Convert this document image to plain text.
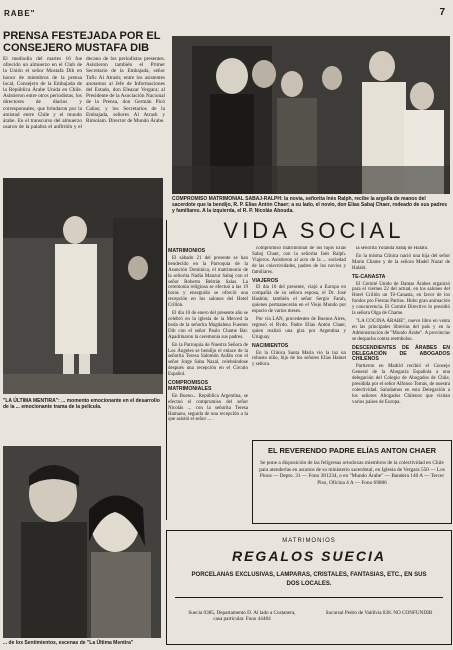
RABE"	7
PRENSA FESTEJADA POR EL CONSEJERO MUSTAFA DIB
El mediodía del martes 16 fue ofrecido un almuerzo en el Club de la Unión el señor Mustafa Dib en honor de miembros de la prensa local, Consejero de la Embajada de la República Árabe Unida en Chile. Asistieron entre otros periodistas, los directores de diarios y corresponsales, que brindaron por la amistad entre Chile y el mundo árabe. En el transcurso del almuerzo usaron de la palabra el anfitrión y el decano de los periodistas presentes. Asistieron también el Primer Secretario de la Embajada, señor Tafic Al Atrash; entre los asistentes anotamos al Jefe de Informaciones del Estado, don Eleazar Vergara; al Presidente de la Asociación Nacional de la Prensa, don Germán Picó Cañas; y los Secretarios de la Embajada, señores Al Atrash y Rimolam. Director de Mundo Árabe.
COMPROMISO MATRIMONIAL SABAJ-RALPH: la novia, señorita Inés Ralph, recibe la argolla de manos del sacerdote que la bendijo, R. P. Elías Antón Chaer; a su lado, el novio, don Elías Sabaj Chaer, rodeado de sus padres y familiares. A la izquierda, el R. P. Nicolás Abouda.
"LA ÚLTIMA MENTIRA": ... momento emocionante en el desarrollo de la ... emocionante trama de la película.
... de los Sentimientos, escenas de "La Última Mentira"
VIDA SOCIAL
MATRIMONIOS

El sábado 21 del presente se han bendecido en la Parroquia de la Asunción Dominica, el matrimonio de la señorita Nadia Manzur Sabaj con el señor Roberto Beltrán Salas. La ceremonia religiosa se efectuó a las 19 horas y enseguida se ofreció una recepción en los salones del Hotel Crillón.

El día 10 de enero del presente año se celebró en la iglesia de la Merced la boda de la señorita Magdalena Fuentes Dib con el señor Paulo Chame Bar. Apadrinaron la ceremonia sus padres.

En la Parroquia de Nuestra Señora de Los Ángeles se bendijo el enlace de la señorita Teresa Salomón Aufán con el señor Jorge Saba Nazal, celebrándose después una recepción en el Círculo Español.

COMPROMISOS MATRIMONIALES

En Bueno... República Argentina, se efectuó el compromiso del señor Nicolás ... con la señorita Teresa Hamanu, seguida de una recepción a la que asistió el señor ... .

compromiso matrimonial de los hijos Elías Sabaj Chaer, con la señorita Inés Ralph. Viajeros. Asistieron al acto de la ... sociedad de las colectividades, padres de los novios y familiares.

VIAJEROS

El día 10 del presente, viajó a Europa en compañía de su señora esposa, el Dr. José Hasbún; también el señor Sergio Farah, quienes permanecerán en el Viejo Mundo por espacio de varios meses.

Por vía LAN, procedentes de Buenos Aires, regresó el Rvdo. Padre Elías Antón Chaer, quien realizó una gira por Argentina y Uruguay.

NACIMIENTOS

En la Clínica Santa María vio la luz un robusto niño, hijo de los señores Elías Hamet y señora.

la señorita Yolanda Sabaj de Halabi.

En la misma Clínica nació una hija del señor Mario Chame y de la señora Madel Nazar de Halabí.

TE-CANASTA

El Comité Unido de Damas Árabes organizó para el viernes 22 del actual, en los salones del Hotel Crillón un Té-Canasta, en favor de los fondos pro Fiestas Patrias. Hubo gran animación y concurrencia. El Comité Directivo lo presidió la señora Olga de Chame.

"LA COCINA ÁRABE", nuevo libro en venta en las principales librerías del país y en la Administración de "Mundo Árabe". A provincias se despacha contra reembolso.

DESCENDIENTES DE ÁRABES EN DELEGACIÓN DE ABOGADOS CHILENOS

Partieron en Madrid recibió el Consejo General de la Abogacía Española a una delegación del Colegio de Abogados de Chile, presidida por el señor Alfonso Tomás, de nuestra colectividad. Saludamos en esta Delegación a los señores Abogados Chilenos que visitan varios países de Europa.

EL REVERENDO PADRE ELÍAS ANTON CHAER
Se pone a disposición de las feligresas ortodoxas miembros de la colectividad en Chile para atenderlas en asuntos de su ministerio sacerdotal, en Iglesia de Vergara 550 — Los Pinos — Depto. 31 — Fono 381234, o en "Mundo Árabe" — Bandera 140 A — Tercer Piso, Oficina 4 A — Fono 69886
MATRIMONIOS
REGALOS SUECIA
PORCELANAS EXCLUSIVAS, LAMPARAS, CRISTALES, FANTASIAS, ETC., EN SUS DOS LOCALES.
Suecia 0385, Departamento D. Al lado a Costanera, casa particular. Fono 44484
Sucursal Pedro de Valdivia 838. NO CONFUNDIR
